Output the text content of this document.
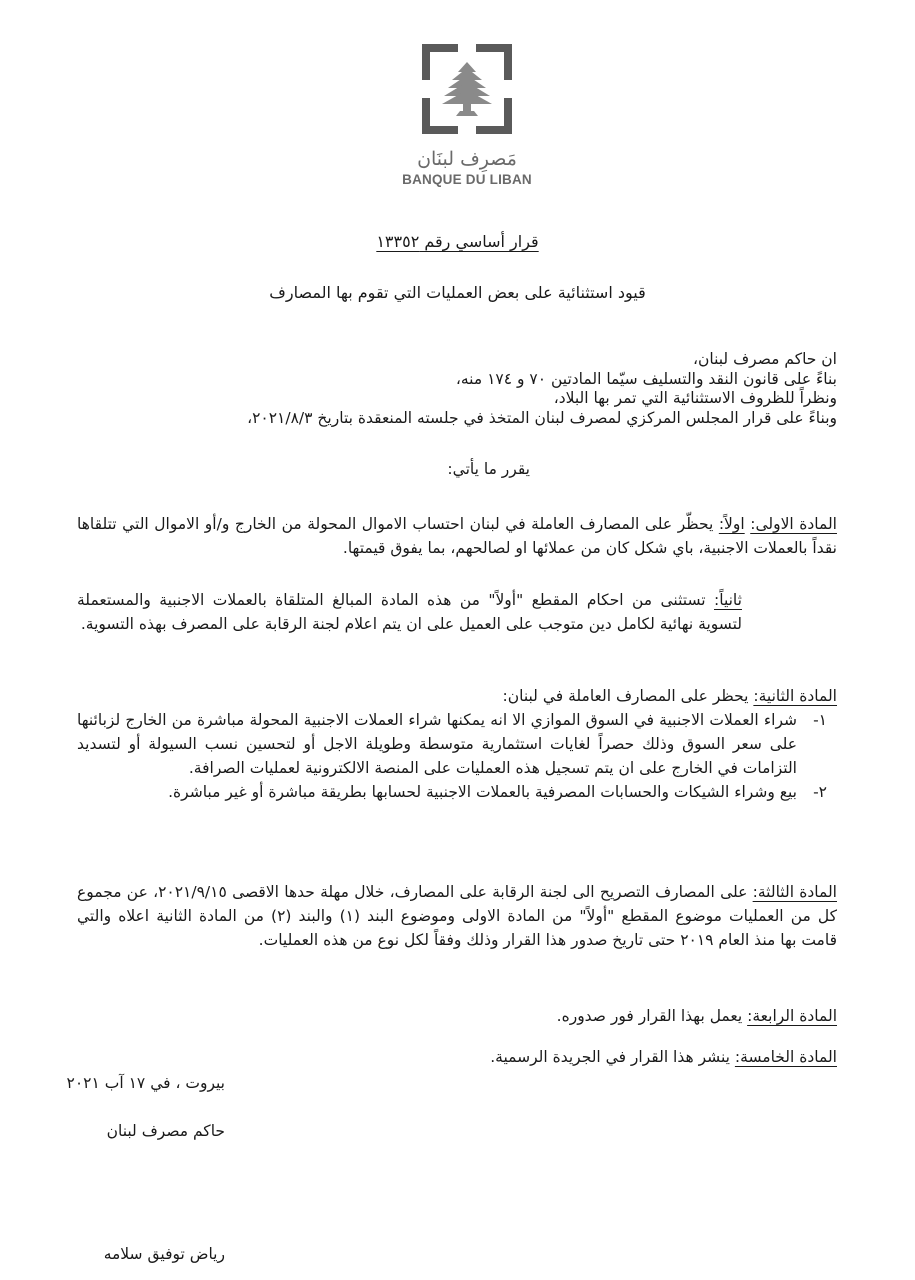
مَصرِف لبنَان
BANQUE DU LIBAN
قرار أساسي رقم ١٣٣٥٢
قيود استثنائية على بعض العمليات التي تقوم بها المصارف
ان حاكم مصرف لبنان،
بناءً على قانون النقد والتسليف سيّما المادتين ٧٠ و ١٧٤ منه،
ونظراً للظروف الاستثنائية التي تمر بها البلاد،
وبناءً على قرار المجلس المركزي لمصرف لبنان المتخذ في جلسته المنعقدة بتاريخ ٢٠٢١/٨/٣،
يقرر ما يأتي:
المادة الاولى: اولاً: يحظّر على المصارف العاملة في لبنان احتساب الاموال المحولة من الخارج و/أو الاموال التي تتلقاها نقداً بالعملات الاجنبية، باي شكل كان من عملائها او لصالحهم، بما يفوق قيمتها.
ثانياً: تستثنى من احكام المقطع "أولاً" من هذه المادة المبالغ المتلقاة بالعملات الاجنبية والمستعملة لتسوية نهائية لكامل دين متوجب على العميل على ان يتم اعلام لجنة الرقابة على المصرف بهذه التسوية.
المادة الثانية: يحظر على المصارف العاملة في لبنان:
١-
شراء العملات الاجنبية في السوق الموازي الا انه يمكنها شراء العملات الاجنبية المحولة مباشرة من الخارج لزبائنها على سعر السوق وذلك حصراً لغايات استثمارية متوسطة وطويلة الاجل أو لتحسين نسب السيولة أو لتسديد التزامات في الخارج على ان يتم تسجيل هذه العمليات على المنصة الالكترونية لعمليات الصرافة.
٢-
بيع وشراء الشيكات والحسابات المصرفية بالعملات الاجنبية لحسابها بطريقة مباشرة أو غير مباشرة.
المادة الثالثة: على المصارف التصريح الى لجنة الرقابة على المصارف، خلال مهلة حدها الاقصى ٢٠٢١/٩/١٥، عن مجموع كل من العمليات موضوع المقطع "أولاً" من المادة الاولى وموضوع البند (١) والبند (٢) من المادة الثانية اعلاه والتي قامت بها منذ العام ٢٠١٩ حتى تاريخ صدور هذا القرار وذلك وفقاً لكل نوع من هذه العمليات.
المادة الرابعة: يعمل بهذا القرار فور صدوره.
المادة الخامسة: ينشر هذا القرار في الجريدة الرسمية.
بيروت ، في ١٧ آب ٢٠٢١
حاكم مصرف لبنان
رياض توفيق سلامه
